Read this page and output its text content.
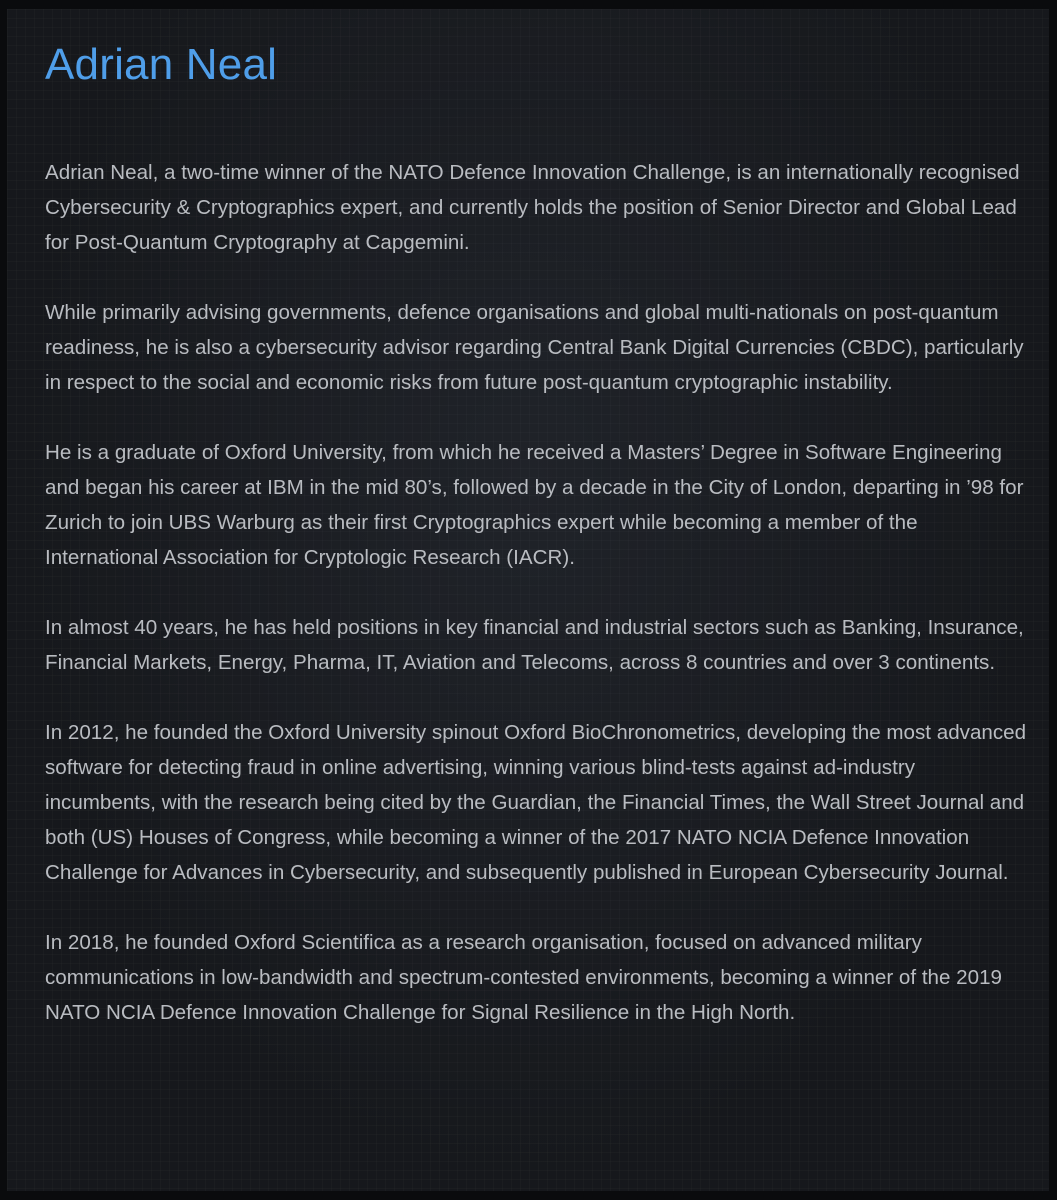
Adrian Neal

Adrian Neal, a two-time winner of the NATO Defence Innovation Challenge, is an internationally recognised Cybersecurity & Cryptographics expert, and currently holds the position of Senior Director and Global Lead for Post-Quantum Cryptography at Capgemini.

While primarily advising governments, defence organisations and global multi-nationals on post-quantum readiness, he is also a cybersecurity advisor regarding Central Bank Digital Currencies (CBDC), particularly in respect to the social and economic risks from future post-quantum cryptographic instability.

He is a graduate of Oxford University, from which he received a Masters’ Degree in Software Engineering and began his career at IBM in the mid 80’s, followed by a decade in the City of London, departing in ’98 for Zurich to join UBS Warburg as their first Cryptographics expert while becoming a member of the International Association for Cryptologic Research (IACR).

In almost 40 years, he has held positions in key financial and industrial sectors such as Banking, Insurance, Financial Markets, Energy, Pharma, IT, Aviation and Telecoms, across 8 countries and over 3 continents.

In 2012, he founded the Oxford University spinout Oxford BioChronometrics, developing the most advanced software for detecting fraud in online advertising, winning various blind-tests against ad-industry incumbents, with the research being cited by the Guardian, the Financial Times, the Wall Street Journal and both (US) Houses of Congress, while becoming a winner of the 2017 NATO NCIA Defence Innovation Challenge for Advances in Cybersecurity, and subsequently published in European Cybersecurity Journal.

In 2018, he founded Oxford Scientifica as a research organisation, focused on advanced military communications in low-bandwidth and spectrum-contested environments, becoming a winner of the 2019 NATO NCIA Defence Innovation Challenge for Signal Resilience in the High North.
